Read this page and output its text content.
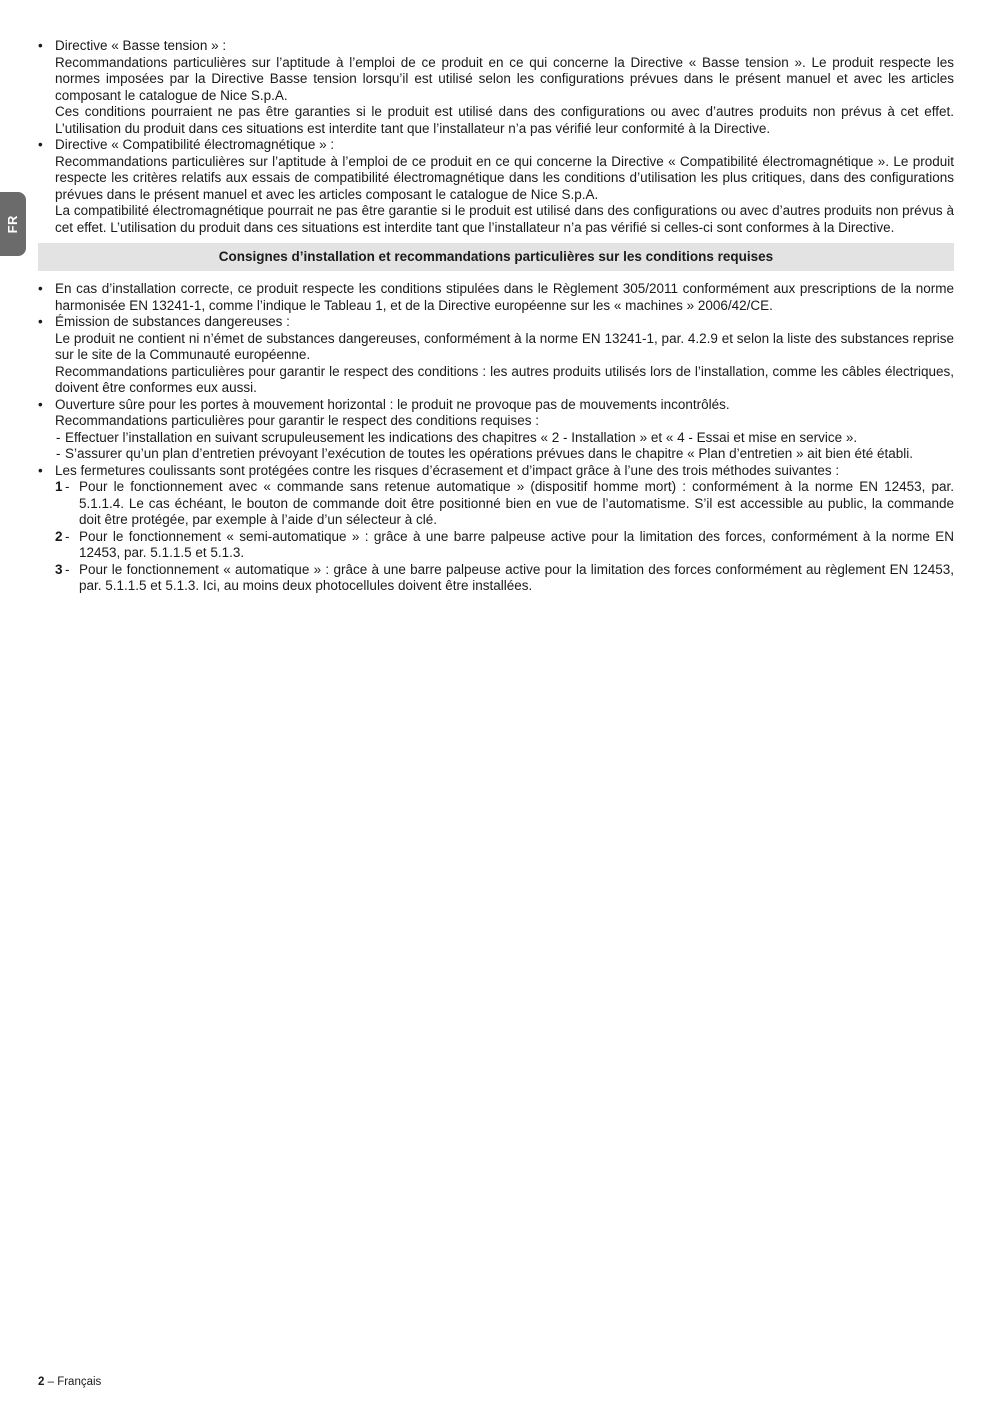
FR
• Directive « Basse tension » :
Recommandations particulières sur l’aptitude à l’emploi de ce produit en ce qui concerne la Directive « Basse tension ». Le produit respecte les normes imposées par la Directive Basse tension lorsqu’il est utilisé selon les configurations prévues dans le présent manuel et avec les articles composant le catalogue de Nice S.p.A.
Ces conditions pourraient ne pas être garanties si le produit est utilisé dans des configurations ou avec d’autres produits non prévus à cet effet. L’utilisation du produit dans ces situations est interdite tant que l’installateur n’a pas vérifié leur conformité à la Directive.
• Directive « Compatibilité électromagnétique » :
Recommandations particulières sur l’aptitude à l’emploi de ce produit en ce qui concerne la Directive « Compatibilité électromagnétique ». Le produit respecte les critères relatifs aux essais de compatibilité électromagnétique dans les conditions d’utilisation les plus critiques, dans des configurations prévues dans le présent manuel et avec les articles composant le catalogue de Nice S.p.A.
La compatibilité électromagnétique pourrait ne pas être garantie si le produit est utilisé dans des configurations ou avec d’autres produits non prévus à cet effet. L’utilisation du produit dans ces situations est interdite tant que l’installateur n’a pas vérifié si celles-ci sont conformes à la Directive.
Consignes d’installation et recommandations particulières sur les conditions requises
• En cas d’installation correcte, ce produit respecte les conditions stipulées dans le Règlement 305/2011 conformément aux prescriptions de la norme harmonisée EN 13241-1, comme l’indique le Tableau 1, et de la Directive européenne sur les « machines » 2006/42/CE.
• Émission de substances dangereuses :
Le produit ne contient ni n’émet de substances dangereuses, conformément à la norme EN 13241-1, par. 4.2.9 et selon la liste des substances reprise sur le site de la Communauté européenne.
Recommandations particulières pour garantir le respect des conditions : les autres produits utilisés lors de l’installation, comme les câbles électriques, doivent être conformes eux aussi.
• Ouverture sûre pour les portes à mouvement horizontal : le produit ne provoque pas de mouvements incontrôlés.
Recommandations particulières pour garantir le respect des conditions requises :
- Effectuer l’installation en suivant scrupuleusement les indications des chapitres « 2 - Installation » et « 4 - Essai et mise en service ».
- S’assurer qu’un plan d’entretien prévoyant l’exécution de toutes les opérations prévues dans le chapitre « Plan d’entretien » ait bien été établi.
• Les fermetures coulissants sont protégées contre les risques d’écrasement et d’impact grâce à l’une des trois méthodes suivantes :
1 - Pour le fonctionnement avec « commande sans retenue automatique » (dispositif homme mort) : conformément à la norme EN 12453, par. 5.1.1.4. Le cas échéant, le bouton de commande doit être positionné bien en vue de l’automatisme. S’il est accessible au public, la commande doit être protégée, par exemple à l’aide d’un sélecteur à clé.
2 - Pour le fonctionnement « semi-automatique » : grâce à une barre palpeuse active pour la limitation des forces, conformément à la norme EN 12453, par. 5.1.1.5 et 5.1.3.
3 - Pour le fonctionnement « automatique » : grâce à une barre palpeuse active pour la limitation des forces conformément au règlement EN 12453, par. 5.1.1.5 et 5.1.3. Ici, au moins deux photocellules doivent être installées.
2 – Français
